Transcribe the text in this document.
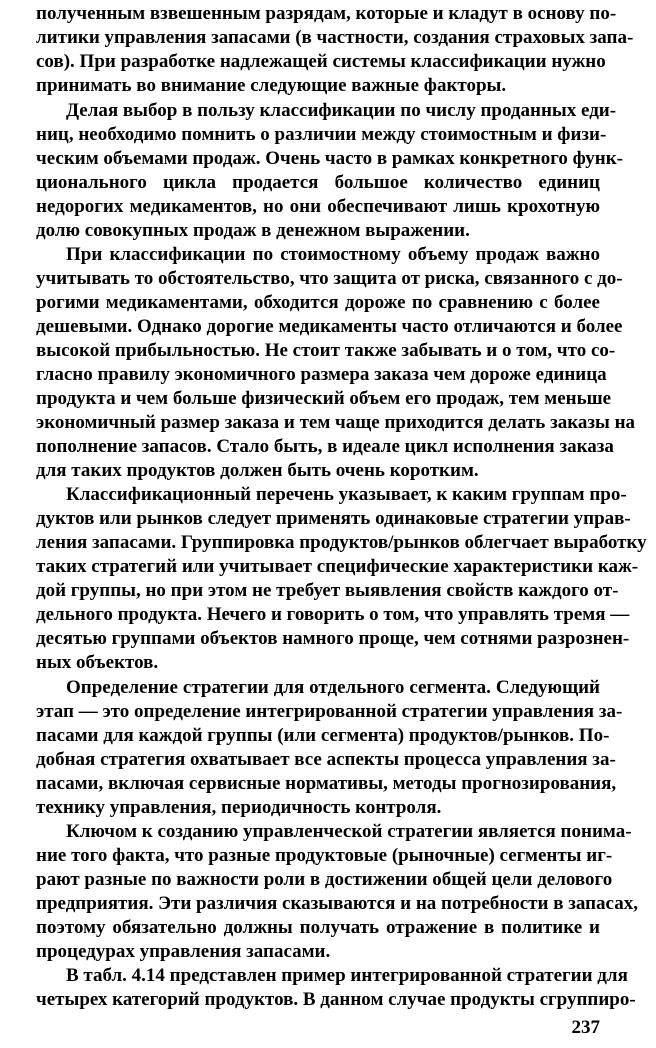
полученным взвешенным разрядам, которые и кладут в основу по-
литики управления запасами (в частности, создания страховых запа-
сов). При разработке надлежащей системы классификации нужно
принимать во внимание следующие важные факторы.
Делая выбор в пользу классификации по числу проданных еди-
ниц, необходимо помнить о различии между стоимостным и физи-
ческим объемами продаж. Очень часто в рамках конкретного функ-
ционального цикла продается большое количество единиц
недорогих медикаментов, но они обеспечивают лишь крохотную
долю совокупных продаж в денежном выражении.
При классификации по стоимостному объему продаж важно
учитывать то обстоятельство, что защита от риска, связанного с до-
рогими медикаментами, обходится дороже по сравнению с более
дешевыми. Однако дорогие медикаменты часто отличаются и более
высокой прибыльностью. Не стоит также забывать и о том, что со-
гласно правилу экономичного размера заказа чем дороже единица
продукта и чем больше физический объем его продаж, тем меньше
экономичный размер заказа и тем чаще приходится делать заказы на
пополнение запасов. Стало быть, в идеале цикл исполнения заказа
для таких продуктов должен быть очень коротким.
Классификационный перечень указывает, к каким группам про-
дуктов или рынков следует применять одинаковые стратегии управ-
ления запасами. Группировка продуктов/рынков облегчает выработку
таких стратегий или учитывает специфические характеристики каж-
дой группы, но при этом не требует выявления свойств каждого от-
дельного продукта. Нечего и говорить о том, что управлять тремя —
десятью группами объектов намного проще, чем сотнями разрознен-
ных объектов.
Определение стратегии для отдельного сегмента. Следующий
этап — это определение интегрированной стратегии управления за-
пасами для каждой группы (или сегмента) продуктов/рынков. По-
добная стратегия охватывает все аспекты процесса управления за-
пасами, включая сервисные нормативы, методы прогнозирования,
технику управления, периодичность контроля.
Ключом к созданию управленческой стратегии является понима-
ние того факта, что разные продуктовые (рыночные) сегменты иг-
рают разные по важности роли в достижении общей цели делового
предприятия. Эти различия сказываются и на потребности в запасах,
поэтому обязательно должны получать отражение в политике и
процедурах управления запасами.
В табл. 4.14 представлен пример интегрированной стратегии для
четырех категорий продуктов. В данном случае продукты сгруппиро-
237
